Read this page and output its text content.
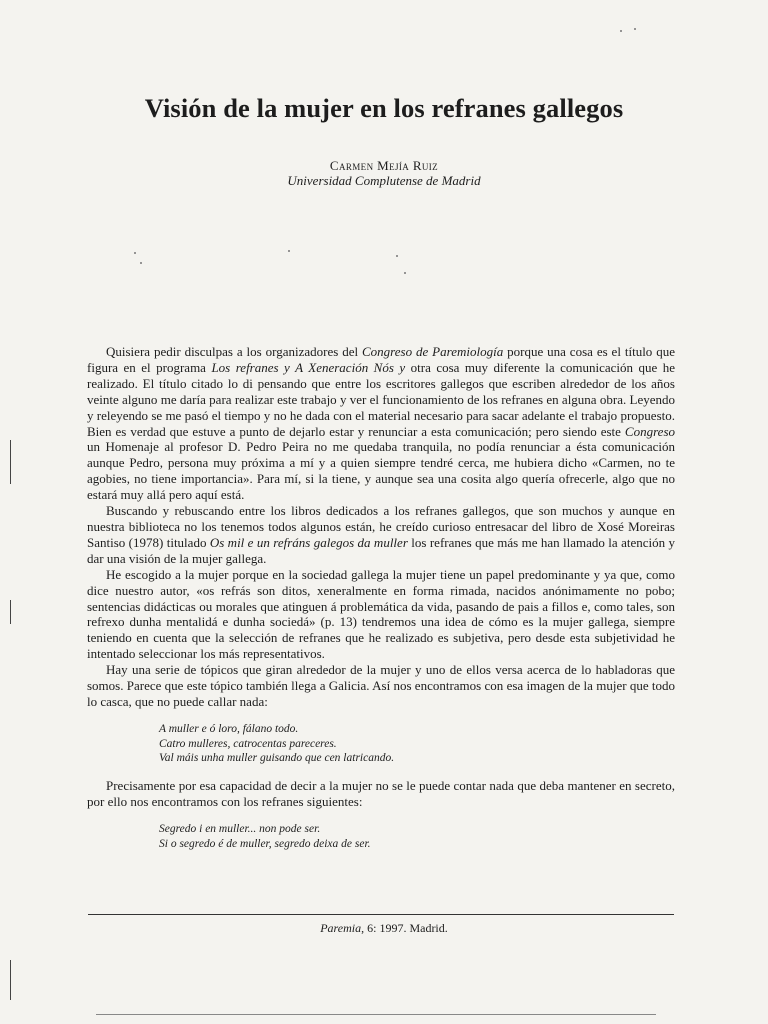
Visión de la mujer en los refranes gallegos
Carmen Mejía Ruiz
Universidad Complutense de Madrid

Quisiera pedir disculpas a los organizadores del Congreso de Paremiología porque una cosa es el título que figura en el programa Los refranes y A Xeneración Nós y otra cosa muy diferente la comunicación que he realizado. El título citado lo di pensando que entre los escritores gallegos que escriben alrededor de los años veinte alguno me daría para realizar este trabajo y ver el funcionamiento de los refranes en alguna obra. Leyendo y releyendo se me pasó el tiempo y no he dada con el material necesario para sacar adelante el trabajo propuesto. Bien es verdad que estuve a punto de dejarlo estar y renunciar a esta comunicación; pero siendo este Congreso un Homenaje al profesor D. Pedro Peira no me quedaba tranquila, no podía renunciar a ésta comunicación aunque Pedro, persona muy próxima a mí y a quien siempre tendré cerca, me hubiera dicho «Carmen, no te agobies, no tiene importancia». Para mí, si la tiene, y aunque sea una cosita algo quería ofrecerle, algo que no estará muy allá pero aquí está.

Buscando y rebuscando entre los libros dedicados a los refranes gallegos, que son muchos y aunque en nuestra biblioteca no los tenemos todos algunos están, he creído curioso entresacar del libro de Xosé Moreiras Santiso (1978) titulado Os mil e un refráns galegos da muller los refranes que más me han llamado la atención y dar una visión de la mujer gallega.

He escogido a la mujer porque en la sociedad gallega la mujer tiene un papel predominante y ya que, como dice nuestro autor, «os refrás son ditos, xeneralmente en forma rimada, nacidos anónimamente no pobo; sentencias didácticas ou morales que atinguen á problemática da vida, pasando de pais a fillos e, como tales, son refrexo dunha mentalidá e dunha sociedá» (p. 13) tendremos una idea de cómo es la mujer gallega, siempre teniendo en cuenta que la selección de refranes que he realizado es subjetiva, pero desde esta subjetividad he intentado seleccionar los más representativos.

Hay una serie de tópicos que giran alrededor de la mujer y uno de ellos versa acerca de lo habladoras que somos. Parece que este tópico también llega a Galicia. Así nos encontramos con esa imagen de la mujer que todo lo casca, que no puede callar nada:

A muller e ó loro, fálano todo.
Catro mulleres, catrocentas pareceres.
Val máis unha muller guisando que cen latricando.

Precisamente por esa capacidad de decir a la mujer no se le puede contar nada que deba mantener en secreto, por ello nos encontramos con los refranes siguientes:

Segredo i en muller... non pode ser.
Si o segredo é de muller, segredo deixa de ser.
Paremia, 6: 1997. Madrid.
